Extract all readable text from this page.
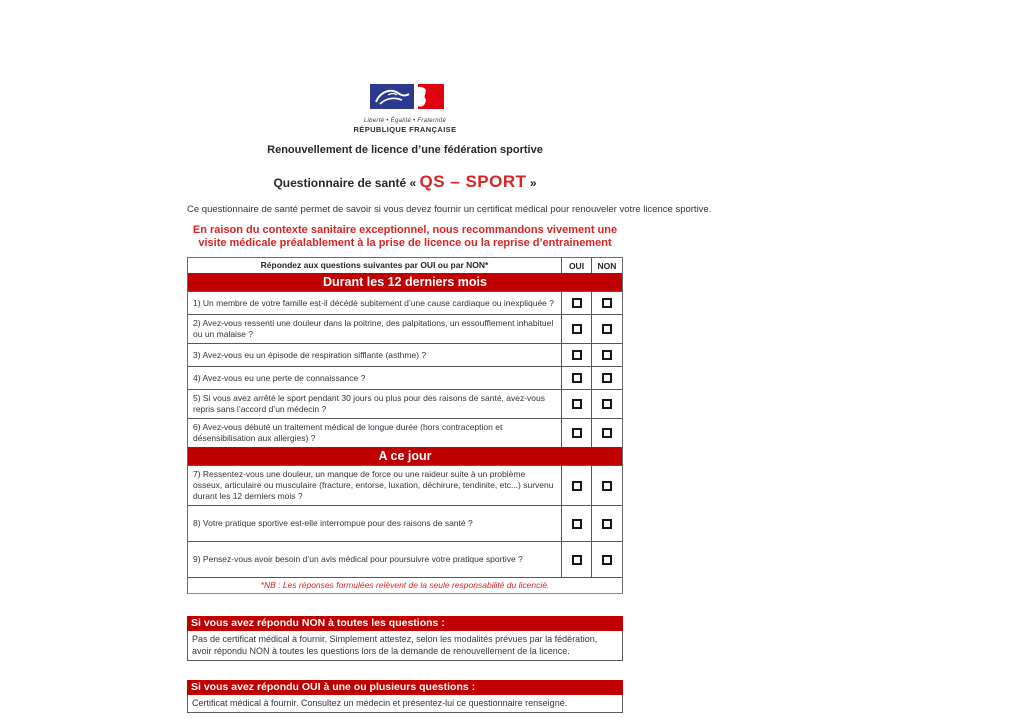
Liberté • Égalité • Fraternité
RÉPUBLIQUE FRANÇAISE
Renouvellement de licence d’une fédération sportive
Questionnaire de santé « QS – SPORT »
Ce questionnaire de santé permet de savoir si vous devez fournir un certificat médical pour renouveler votre licence sportive.
En raison du contexte sanitaire exceptionnel, nous recommandons vivement une
visite médicale préalablement à la prise de licence ou la reprise d’entrainement
Répondez aux questions suivantes par OUI ou par NON*	OUI	NON
Durant les 12 derniers mois
1) Un membre de votre famille est-il décédé subitement d’une cause cardiaque ou inexpliquée ?
2) Avez-vous ressenti une douleur dans la poitrine, des palpitations, un essoufflement inhabituel ou un malaise ?
3) Avez-vous eu un épisode de respiration sifflante (asthme) ?
4) Avez-vous eu une perte de connaissance ?
5) Si vous avez arrêté le sport pendant 30 jours ou plus pour des raisons de santé, avez-vous repris sans l’accord d’un médecin ?
6) Avez-vous débuté un traitement médical de longue durée (hors contraception et désensibilisation aux allergies) ?
A ce jour
7) Ressentez-vous une douleur, un manque de force ou une raideur suite à un problème osseux, articulaire ou musculaire (fracture, entorse, luxation, déchirure, tendinite, etc...) survenu durant les 12 derniers mois ?
8) Votre pratique sportive est-elle interrompue pour des raisons de santé ?
9) Pensez-vous avoir besoin d’un avis médical pour poursuivre votre pratique sportive ?
*NB : Les réponses formulées relèvent de la seule responsabilité du licencié.
Si vous avez répondu NON à toutes les questions :
Pas de certificat médical à fournir. Simplement attestez, selon les modalités prévues par la fédération, avoir répondu NON à toutes les questions lors de la demande de renouvellement de la licence.
Si vous avez répondu OUI à une ou plusieurs questions :
Certificat médical à fournir. Consultez un médecin et présentez-lui ce questionnaire renseigné.
